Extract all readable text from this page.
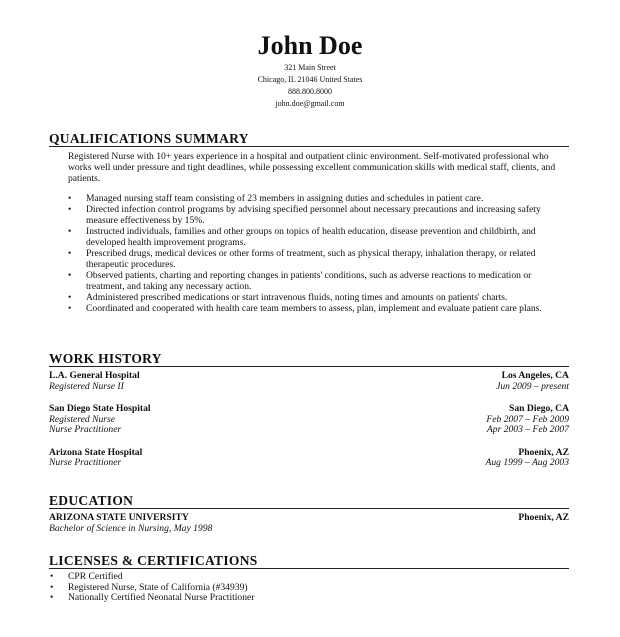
John Doe
321 Main Street
Chicago, IL 21046 United States
888.800.8000
john.doe@gmail.com
QUALIFICATIONS SUMMARY
Registered Nurse with 10+ years experience in a hospital and outpatient clinic environment. Self-motivated professional who works well under pressure and tight deadlines, while possessing excellent communication skills with medical staff, clients, and patients.
• Managed nursing staff team consisting of 23 members in assigning duties and schedules in patient care.
• Directed infection control programs by advising specified personnel about necessary precautions and increasing safety measure effectiveness by 15%.
• Instructed individuals, families and other groups on topics of health education, disease prevention and childbirth, and developed health improvement programs.
• Prescribed drugs, medical devices or other forms of treatment, such as physical therapy, inhalation therapy, or related therapeutic procedures.
• Observed patients, charting and reporting changes in patients' conditions, such as adverse reactions to medication or treatment, and taking any necessary action.
• Administered prescribed medications or start intravenous fluids, noting times and amounts on patients' charts.
• Coordinated and cooperated with health care team members to assess, plan, implement and evaluate patient care plans.
WORK HISTORY
L.A. General Hospital	Los Angeles, CA
Registered Nurse II	Jun 2009 – present
San Diego State Hospital	San Diego, CA
Registered Nurse	Feb 2007 – Feb 2009
Nurse Practitioner	Apr 2003 – Feb 2007
Arizona State Hospital	Phoenix, AZ
Nurse Practitioner	Aug 1999 – Aug 2003
EDUCATION
ARIZONA STATE UNIVERSITY	Phoenix, AZ
Bachelor of Science in Nursing, May 1998
LICENSES & CERTIFICATIONS
• CPR Certified
• Registered Nurse, State of California (#34939)
• Nationally Certified Neonatal Nurse Practitioner
